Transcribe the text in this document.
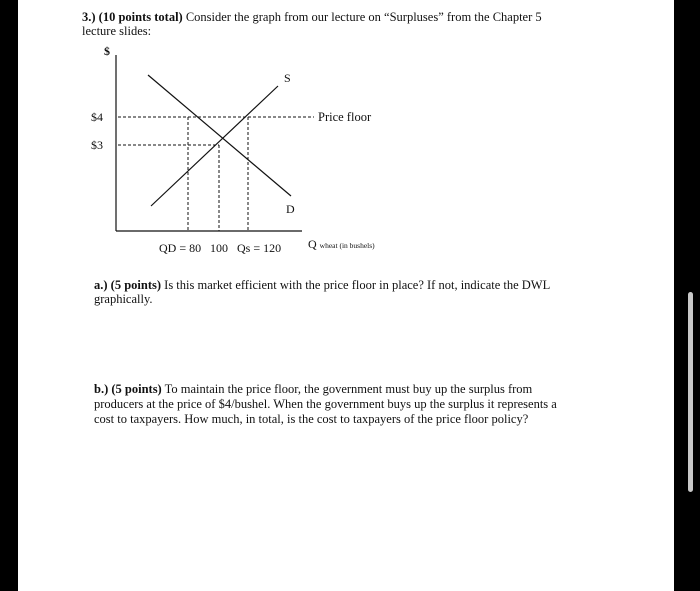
3.) (10 points total) Consider the graph from our lecture on “Surpluses” from the Chapter 5
lecture slides:
$
$4
$3
S
D
Price floor
QD = 80 100 Qs = 120 Q wheat (in bushels)
a.) (5 points) Is this market efficient with the price floor in place? If not, indicate the DWL
graphically.
b.) (5 points) To maintain the price floor, the government must buy up the surplus from
producers at the price of $4/bushel. When the government buys up the surplus it represents a
cost to taxpayers. How much, in total, is the cost to taxpayers of the price floor policy?
